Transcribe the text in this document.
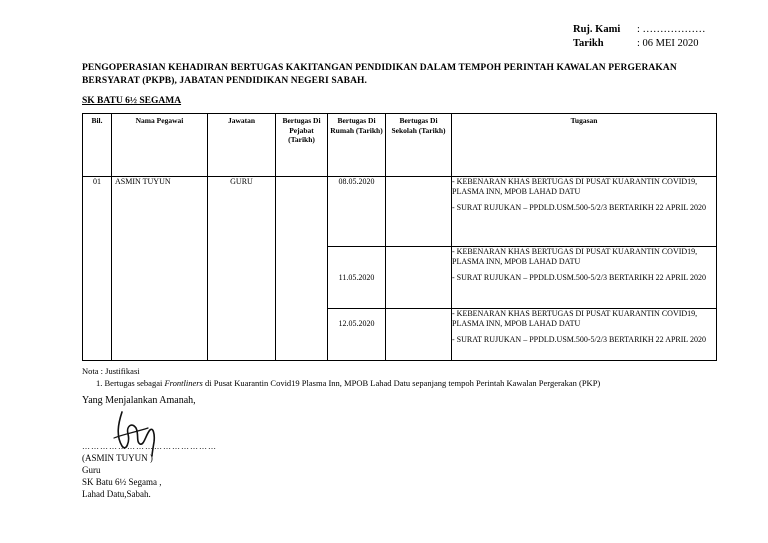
Ruj. Kami : ………………
Tarikh	: 06 MEI 2020
PENGOPERASIAN KEHADIRAN BERTUGAS KAKITANGAN PENDIDIKAN DALAM TEMPOH PERINTAH KAWALAN PERGERAKAN BERSYARAT (PKPB), JABATAN PENDIDIKAN NEGERI SABAH.
SK BATU 6½ SEGAMA
Bil.	Nama Pegawai	Jawatan	Bertugas Di Pejabat (Tarikh)	Bertugas Di Rumah (Tarikh)	Bertugas Di Sekolah (Tarikh)	Tugasan
01	ASMIN TUYUN	GURU		08.05.2020		- KEBENARAN KHAS BERTUGAS DI PUSAT KUARANTIN COVID19, PLASMA INN, MPOB LAHAD DATU
- SURAT RUJUKAN – PPDLD.USM.500-5/2/3 BERTARIKH 22 APRIL 2020

				11.05.2020		- KEBENARAN KHAS BERTUGAS DI PUSAT KUARANTIN COVID19, PLASMA INN, MPOB LAHAD DATU
- SURAT RUJUKAN – PPDLD.USM.500-5/2/3 BERTARIKH 22 APRIL 2020

				12.05.2020		- KEBENARAN KHAS BERTUGAS DI PUSAT KUARANTIN COVID19, PLASMA INN, MPOB LAHAD DATU
- SURAT RUJUKAN – PPDLD.USM.500-5/2/3 BERTARIKH 22 APRIL 2020
Nota : Justifikasi
1. Bertugas sebagai Frontliners di Pusat Kuarantin Covid19 Plasma Inn, MPOB Lahad Datu sepanjang tempoh Perintah Kawalan Pergerakan (PKP)
Yang Menjalankan Amanah,
………………………………………
(ASMIN TUYUN )
Guru
SK Batu 6½ Segama ,
Lahad Datu,Sabah.
